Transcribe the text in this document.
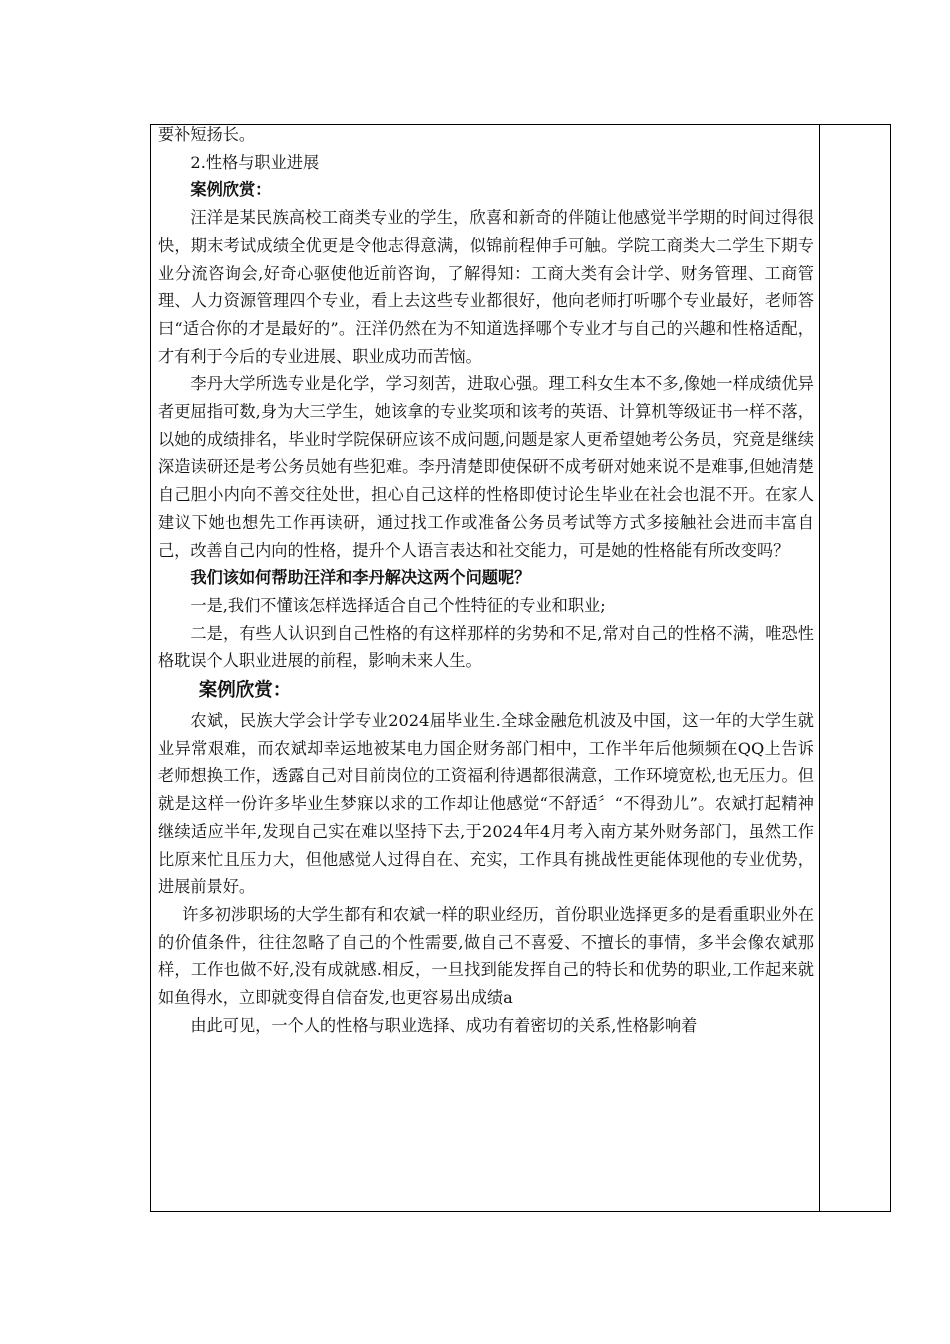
要补短扬长。

2.性格与职业进展

案例欣赏：

汪洋是某民族高校工商类专业的学生，欣喜和新奇的伴随让他感觉半学期的时间过得很快，期末考试成绩全优更是令他志得意满，似锦前程伸手可触。学院工商类大二学生下期专业分流咨询会,好奇心驱使他近前咨询，了解得知：工商大类有会计学、财务管理、工商管理、人力资源管理四个专业，看上去这些专业都很好，他向老师打听哪个专业最好，老师答曰“适合你的才是最好的”。汪洋仍然在为不知道选择哪个专业才与自己的兴趣和性格适配，才有利于今后的专业进展、职业成功而苦恼。

李丹大学所选专业是化学，学习刻苦，进取心强。理工科女生本不多,像她一样成绩优异者更屈指可数,身为大三学生，她该拿的专业奖项和该考的英语、计算机等级证书一样不落，以她的成绩排名，毕业时学院保研应该不成问题,问题是家人更希望她考公务员，究竟是继续深造读研还是考公务员她有些犯难。李丹清楚即使保研不成考研对她来说不是难事,但她清楚自己胆小内向不善交往处世，担心自己这样的性格即使讨论生毕业在社会也混不开。在家人建议下她也想先工作再读研，通过找工作或准备公务员考试等方式多接触社会进而丰富自己，改善自己内向的性格，提升个人语言表达和社交能力，可是她的性格能有所改变吗？

我们该如何帮助汪洋和李丹解决这两个问题呢？

一是,我们不懂该怎样选择适合自己个性特征的专业和职业;

二是，有些人认识到自己性格的有这样那样的劣势和不足,常对自己的性格不满，唯恐性格耽误个人职业进展的前程，影响未来人生。

案例欣赏：

农斌，民族大学会计学专业2024届毕业生.全球金融危机波及中国，这一年的大学生就业异常艰难，而农斌却幸运地被某电力国企财务部门相中，工作半年后他频频在QQ上告诉老师想换工作，透露自己对目前岗位的工资福利待遇都很满意，工作环境宽松,也无压力。但就是这样一份许多毕业生梦寐以求的工作却让他感觉“不舒适〞“不得劲儿”。农斌打起精神继续适应半年,发现自己实在难以坚持下去,于2024年4月考入南方某外财务部门，虽然工作比原来忙且压力大，但他感觉人过得自在、充实，工作具有挑战性更能体现他的专业优势，进展前景好。

许多初涉职场的大学生都有和农斌一样的职业经历，首份职业选择更多的是看重职业外在的价值条件，往往忽略了自己的个性需要,做自己不喜爱、不擅长的事情，多半会像农斌那样，工作也做不好,没有成就感.相反，一旦找到能发挥自己的特长和优势的职业,工作起来就如鱼得水，立即就变得自信奋发,也更容易出成绩a

由此可见，一个人的性格与职业选择、成功有着密切的关系,性格影响着
